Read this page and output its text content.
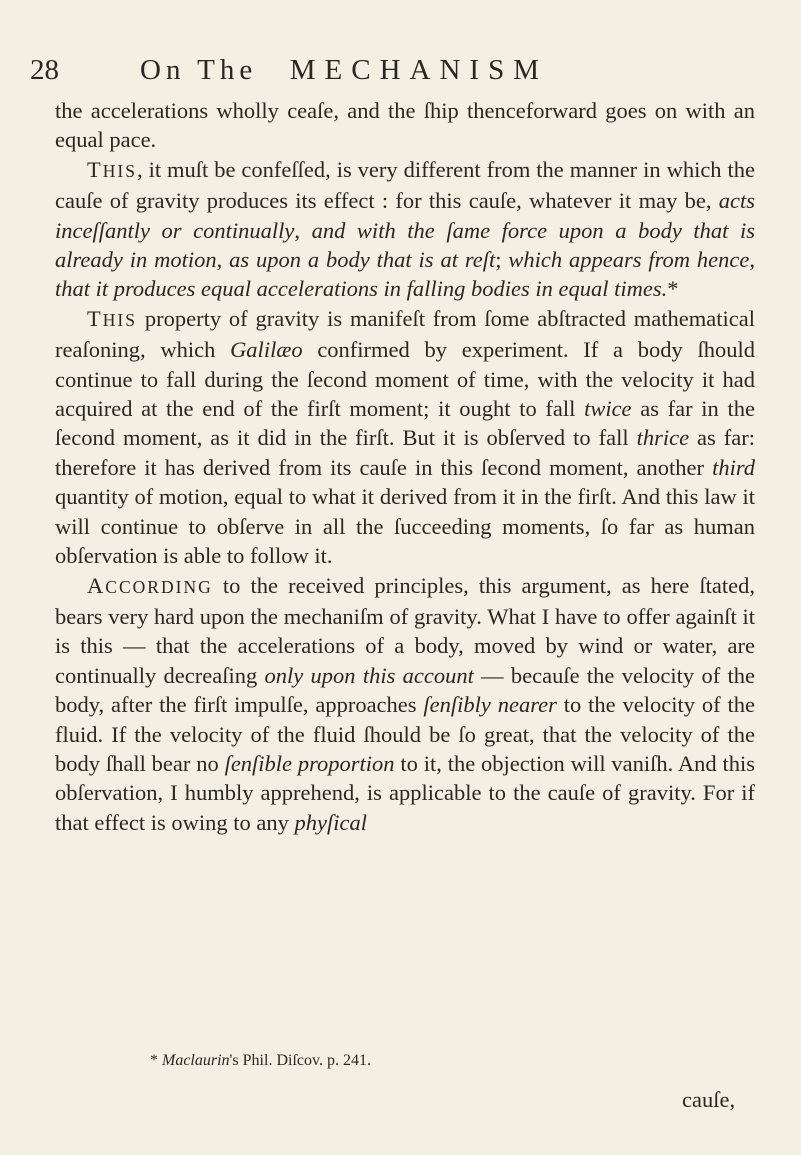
28	On The MECHANISM

the accelerations wholly ceaſe, and the ſhip thenceforward goes on with an equal pace.

THIS, it muſt be confeſſed, is very different from the manner in which the cauſe of gravity produces its effect : for this cauſe, whatever it may be, acts inceſſantly or continually, and with the ſame force upon a body that is already in motion, as upon a body that is at reſt; which appears from hence, that it produces equal accelerations in falling bodies in equal times.*

THIS property of gravity is manifeſt from ſome abſtracted mathematical reaſoning, which Galilæo confirmed by experiment. If a body ſhould continue to fall during the ſecond moment of time, with the velocity it had acquired at the end of the firſt moment; it ought to fall twice as far in the ſecond moment, as it did in the firſt. But it is obſerved to fall thrice as far: therefore it has derived from its cauſe in this ſecond moment, another third quantity of motion, equal to what it derived from it in the firſt. And this law it will continue to obſerve in all the ſucceeding moments, ſo far as human obſervation is able to follow it.

ACCORDING to the received principles, this argument, as here ſtated, bears very hard upon the mechaniſm of gravity. What I have to offer againſt it is this — that the accelerations of a body, moved by wind or water, are continually decreaſing only upon this account — becauſe the velocity of the body, after the firſt impulſe, approaches ſenſibly nearer to the velocity of the fluid. If the velocity of the fluid ſhould be ſo great, that the velocity of the body ſhall bear no ſenſible proportion to it, the objection will vaniſh. And this obſervation, I humbly apprehend, is applicable to the cauſe of gravity. For if that effect is owing to any phyſical

* Maclaurin's Phil. Diſcov. p. 241.
cauſe,
